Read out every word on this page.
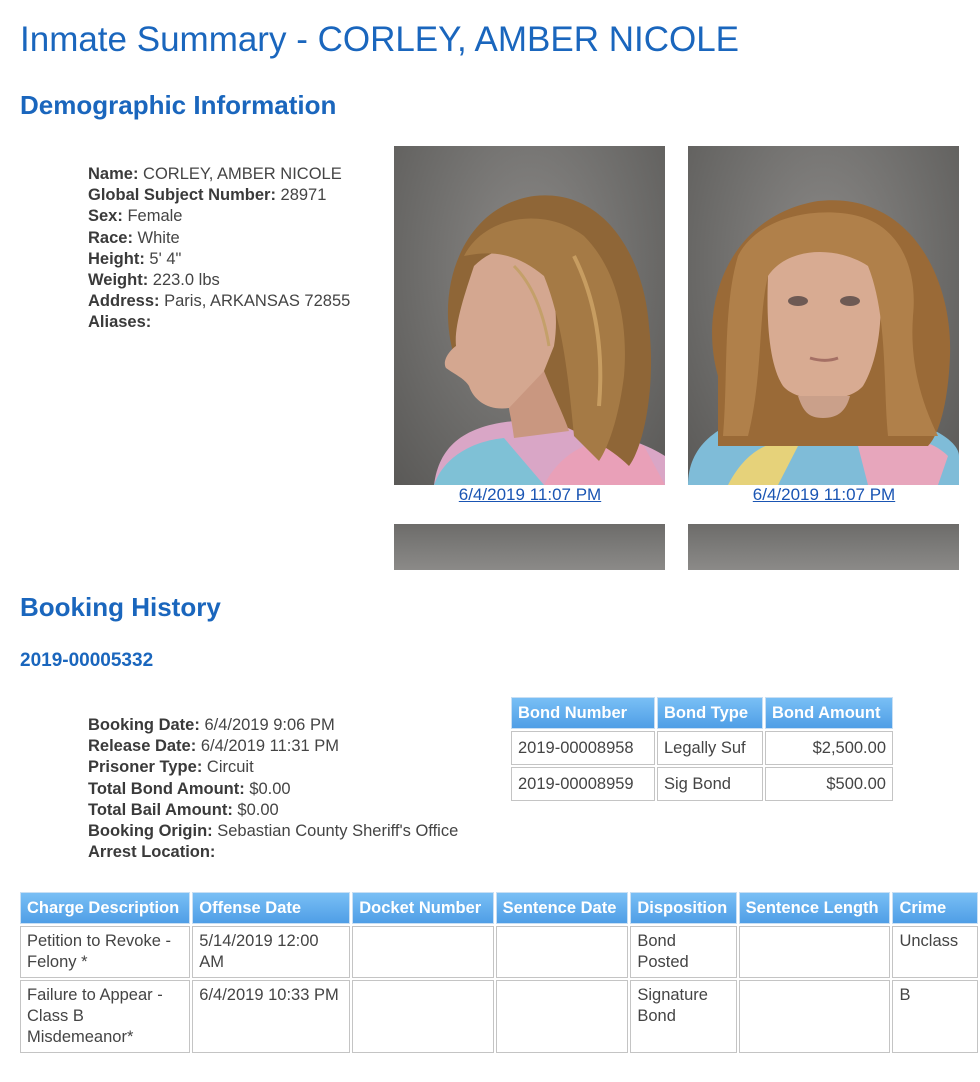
Inmate Summary - CORLEY, AMBER NICOLE
Demographic Information
Name: CORLEY, AMBER NICOLE
Global Subject Number: 28971
Sex: Female
Race: White
Height: 5' 4"
Weight: 223.0 lbs
Address: Paris, ARKANSAS 72855
Aliases:
6/4/2019 11:07 PM	6/4/2019 11:07 PM
Booking History
2019-00005332
Booking Date: 6/4/2019 9:06 PM
Release Date: 6/4/2019 11:31 PM
Prisoner Type: Circuit
Total Bond Amount: $0.00
Total Bail Amount: $0.00
Booking Origin: Sebastian County Sheriff's Office
Arrest Location:
Bond Number	Bond Type	Bond Amount
2019-00008958	Legally Suf	$2,500.00
2019-00008959	Sig Bond	$500.00
Charge Description	Offense Date	Docket Number	Sentence Date	Disposition	Sentence Length	Crime
Petition to Revoke - Felony *	5/14/2019 12:00 AM			Bond Posted		Unclass
Failure to Appear - Class B Misdemeanor*	6/4/2019 10:33 PM			Signature Bond		B
